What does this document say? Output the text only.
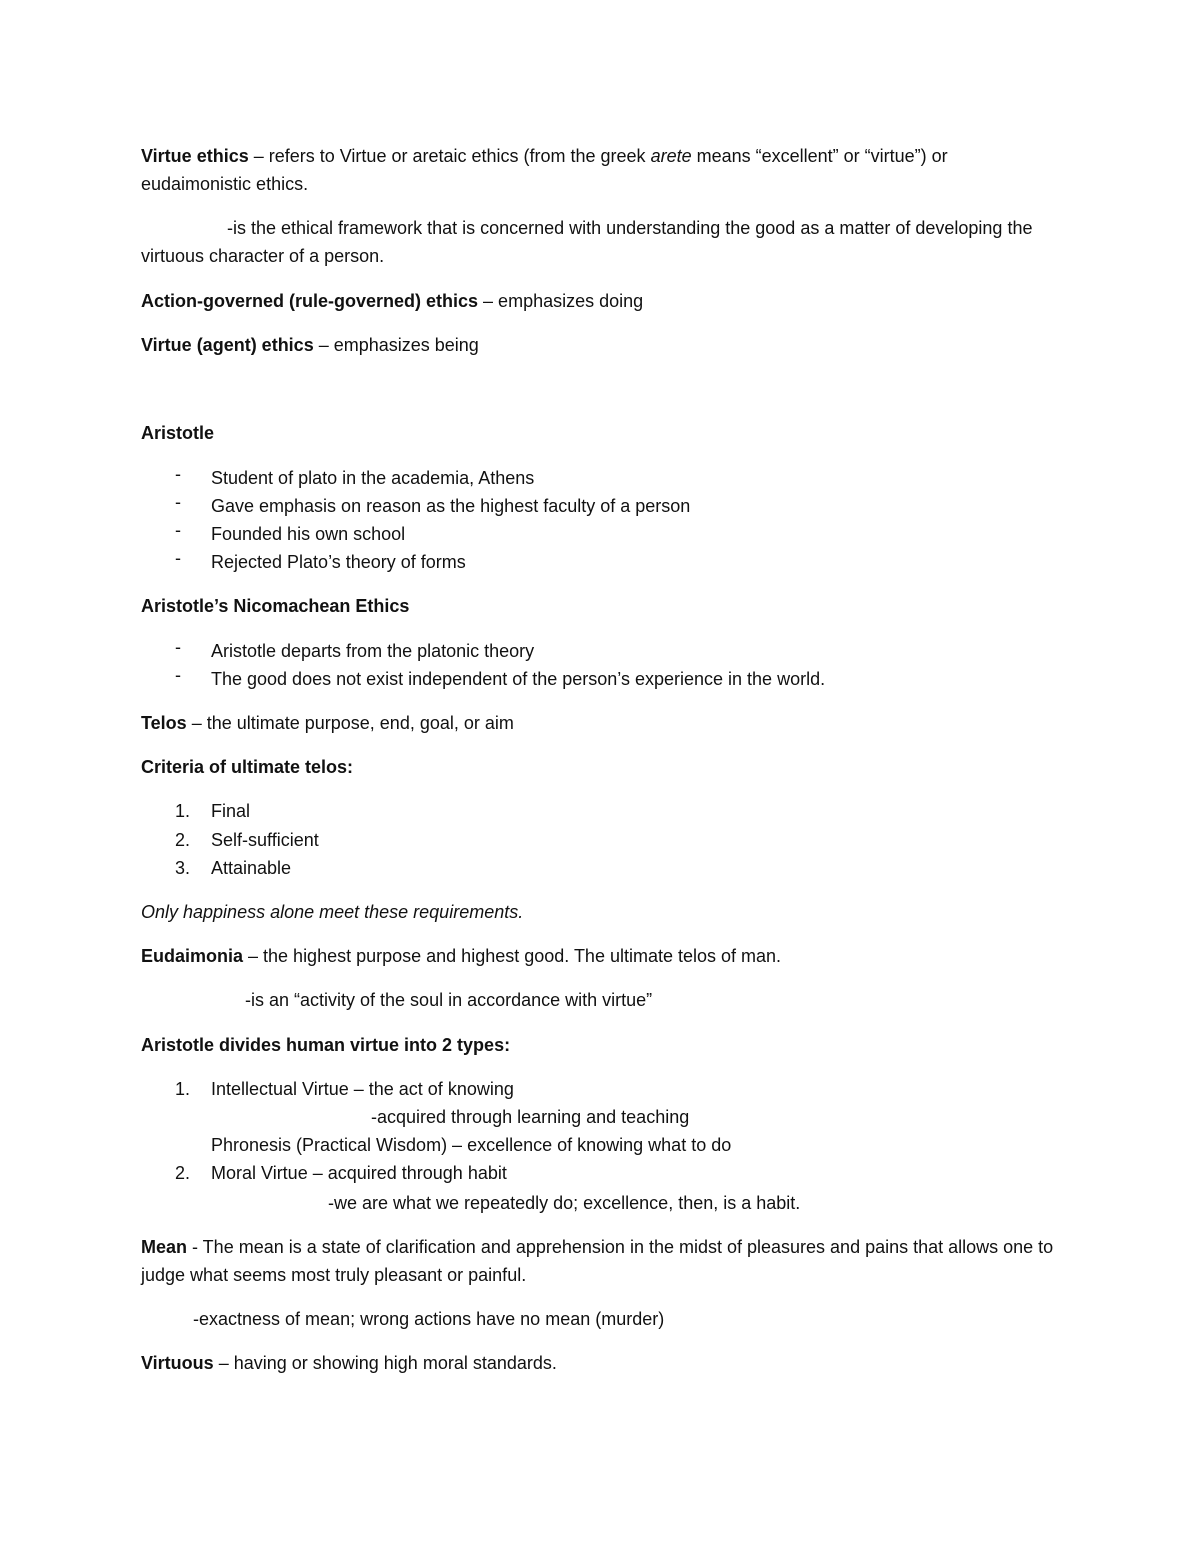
Virtue ethics – refers to Virtue or aretaic ethics (from the greek arete means “excellent” or “virtue”) or eudaimonistic ethics.
-is the ethical framework that is concerned with understanding the good as a matter of developing the virtuous character of a person.
Action-governed (rule-governed) ethics – emphasizes doing
Virtue (agent) ethics – emphasizes being
Aristotle
- Student of plato in the academia, Athens
- Gave emphasis on reason as the highest faculty of a person
- Founded his own school
- Rejected Plato’s theory of forms
Aristotle’s Nicomachean Ethics
- Aristotle departs from the platonic theory
- The good does not exist independent of the person’s experience in the world.
Telos – the ultimate purpose, end, goal, or aim
Criteria of ultimate telos:
1. Final
2. Self-sufficient
3. Attainable
Only happiness alone meet these requirements.
Eudaimonia – the highest purpose and highest good. The ultimate telos of man.
-is an “activity of the soul in accordance with virtue”
Aristotle divides human virtue into 2 types:
1. Intellectual Virtue – the act of knowing
-acquired through learning and teaching
Phronesis (Practical Wisdom) – excellence of knowing what to do
2. Moral Virtue – acquired through habit
-we are what we repeatedly do; excellence, then, is a habit.
Mean - The mean is a state of clarification and apprehension in the midst of pleasures and pains that allows one to judge what seems most truly pleasant or painful.
-exactness of mean; wrong actions have no mean (murder)
Virtuous – having or showing high moral standards.
